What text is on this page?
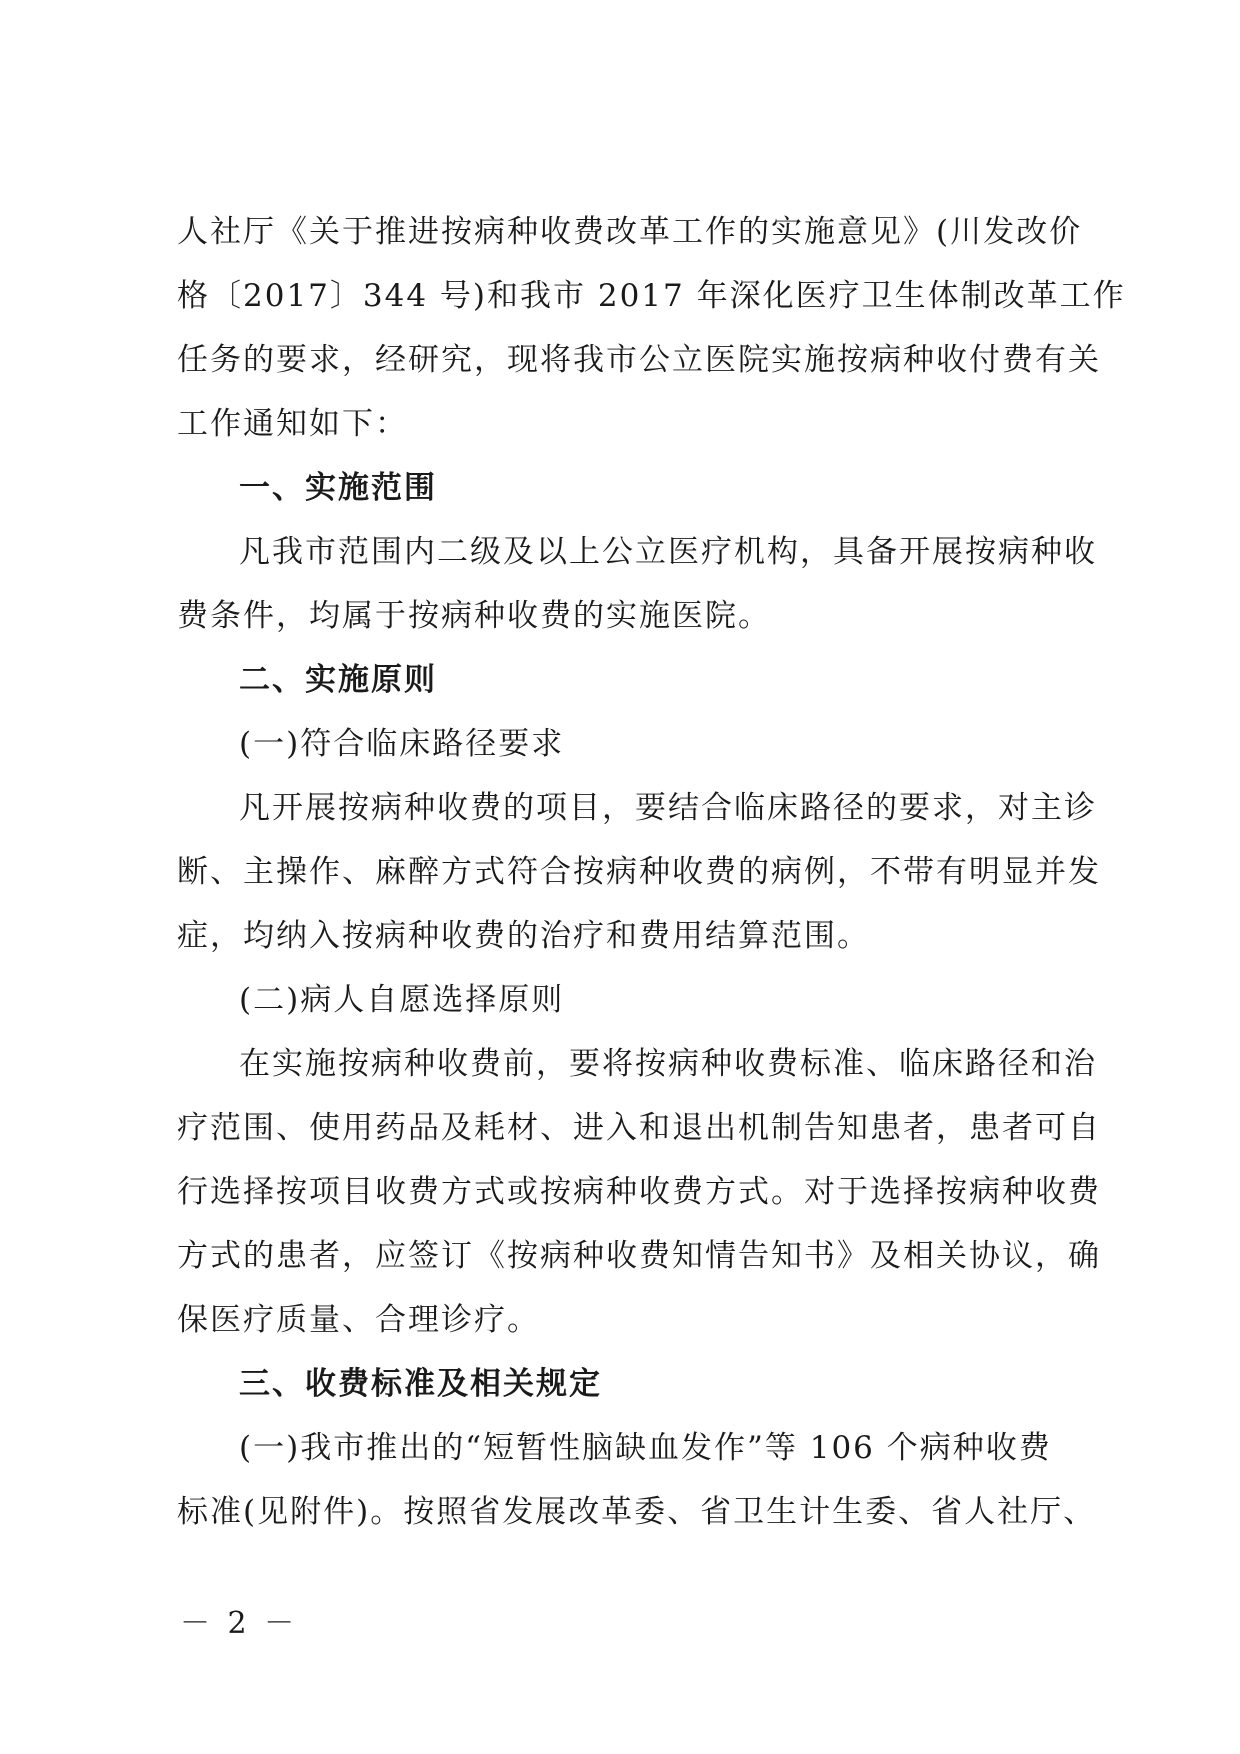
人社厅《关于推进按病种收费改革工作的实施意见》(川发改价
格〔2017〕344 号)和我市 2017 年深化医疗卫生体制改革工作
任务的要求，经研究，现将我市公立医院实施按病种收付费有关
工作通知如下：
一、实施范围
凡我市范围内二级及以上公立医疗机构，具备开展按病种收
费条件，均属于按病种收费的实施医院。
二、实施原则
(一)符合临床路径要求
凡开展按病种收费的项目，要结合临床路径的要求，对主诊
断、主操作、麻醉方式符合按病种收费的病例，不带有明显并发
症，均纳入按病种收费的治疗和费用结算范围。
(二)病人自愿选择原则
在实施按病种收费前，要将按病种收费标准、临床路径和治
疗范围、使用药品及耗材、进入和退出机制告知患者，患者可自
行选择按项目收费方式或按病种收费方式。对于选择按病种收费
方式的患者，应签订《按病种收费知情告知书》及相关协议，确
保医疗质量、合理诊疗。
三、收费标准及相关规定
(一)我市推出的“短暂性脑缺血发作”等 106 个病种收费
标准(见附件)。按照省发展改革委、省卫生计生委、省人社厅、
－ 2 －
